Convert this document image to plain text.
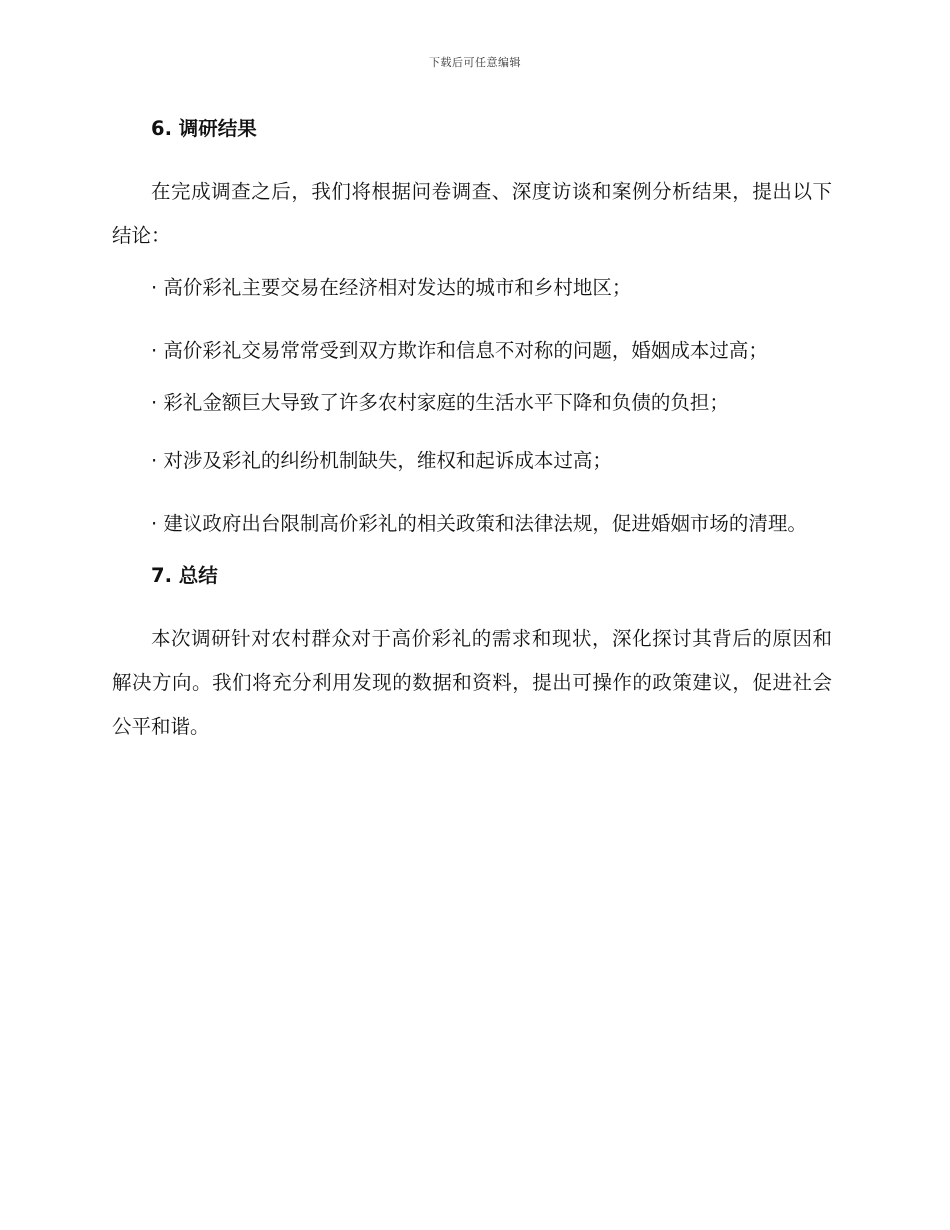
下载后可任意编辑
6. 调研结果

在完成调查之后，我们将根据问卷调查、深度访谈和案例分析结果，提出以下结论：

· 高价彩礼主要交易在经济相对发达的城市和乡村地区；

· 高价彩礼交易常常受到双方欺诈和信息不对称的问题，婚姻成本过高；

· 彩礼金额巨大导致了许多农村家庭的生活水平下降和负债的负担；

· 对涉及彩礼的纠纷机制缺失，维权和起诉成本过高；

· 建议政府出台限制高价彩礼的相关政策和法律法规，促进婚姻市场的清理。

7. 总结

本次调研针对农村群众对于高价彩礼的需求和现状，深化探讨其背后的原因和解决方向。我们将充分利用发现的数据和资料，提出可操作的政策建议，促进社会公平和谐。
